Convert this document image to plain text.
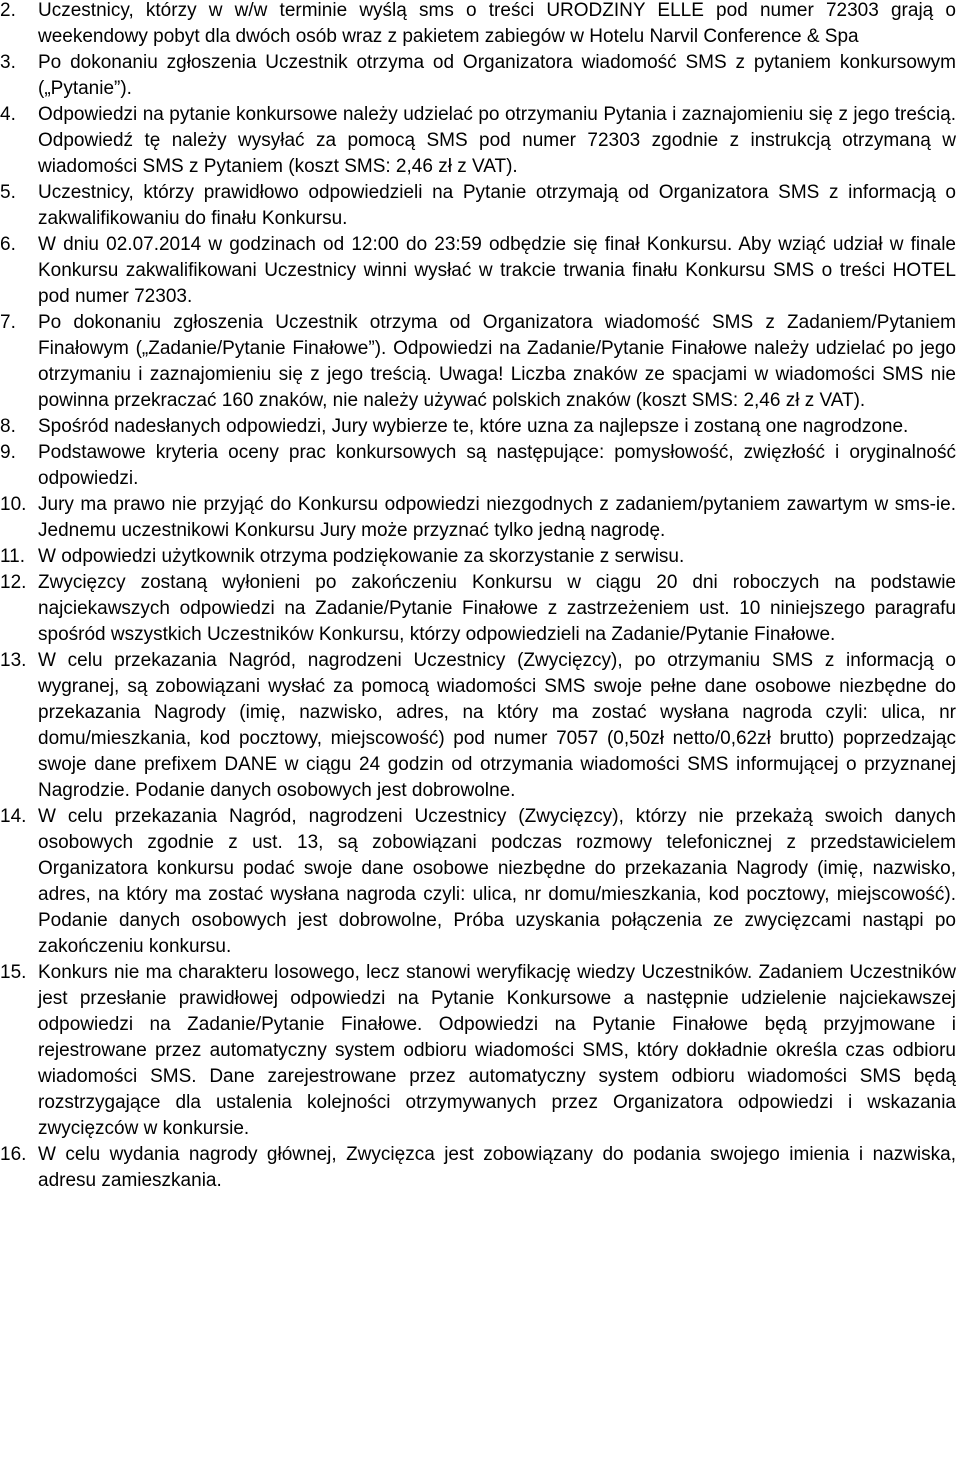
2.	Uczestnicy, którzy w w/w terminie wyślą sms o treści URODZINY ELLE pod numer 72303 grają o weekendowy pobyt dla dwóch osób wraz z pakietem zabiegów w Hotelu Narvil Conference & Spa
3.	Po dokonaniu zgłoszenia Uczestnik otrzyma od Organizatora wiadomość SMS z pytaniem konkursowym („Pytanie”).
4.	Odpowiedzi na pytanie konkursowe należy udzielać po otrzymaniu Pytania i zaznajomieniu się z jego treścią. Odpowiedź tę należy wysyłać za pomocą SMS pod numer 72303 zgodnie z instrukcją otrzymaną w wiadomości SMS z Pytaniem (koszt SMS: 2,46 zł z VAT).
5.	Uczestnicy, którzy prawidłowo odpowiedzieli na Pytanie otrzymają od Organizatora SMS z informacją o zakwalifikowaniu do finału Konkursu.
6.	W dniu 02.07.2014 w godzinach od 12:00 do 23:59 odbędzie się finał Konkursu. Aby wziąć udział w finale Konkursu zakwalifikowani Uczestnicy winni wysłać w trakcie trwania finału Konkursu SMS o treści HOTEL pod numer 72303.
7.	Po dokonaniu zgłoszenia Uczestnik otrzyma od Organizatora wiadomość SMS z Zadaniem/Pytaniem Finałowym („Zadanie/Pytanie Finałowe”). Odpowiedzi na Zadanie/Pytanie Finałowe należy udzielać po jego otrzymaniu i zaznajomieniu się z jego treścią. Uwaga! Liczba znaków ze spacjami w wiadomości SMS nie powinna przekraczać 160 znaków, nie należy używać polskich znaków (koszt SMS: 2,46 zł z VAT).
8.	Spośród nadesłanych odpowiedzi, Jury wybierze te, które uzna za najlepsze i zostaną one nagrodzone.
9.	Podstawowe kryteria oceny prac konkursowych są następujące: pomysłowość, zwięzłość i oryginalność odpowiedzi.
10. Jury ma prawo nie przyjąć do Konkursu odpowiedzi niezgodnych z zadaniem/pytaniem zawartym w sms-ie. Jednemu uczestnikowi Konkursu Jury może przyznać tylko jedną nagrodę.
11. W odpowiedzi użytkownik otrzyma podziękowanie za skorzystanie z serwisu.
12. Zwycięzcy zostaną wyłonieni po zakończeniu Konkursu w ciągu 20 dni roboczych na podstawie najciekawszych odpowiedzi na Zadanie/Pytanie Finałowe z zastrzeżeniem ust. 10 niniejszego paragrafu spośród wszystkich Uczestników Konkursu, którzy odpowiedzieli na Zadanie/Pytanie Finałowe.
13. W celu przekazania Nagród, nagrodzeni Uczestnicy (Zwycięzcy), po otrzymaniu SMS z informacją o wygranej, są zobowiązani wysłać za pomocą wiadomości SMS swoje pełne dane osobowe niezbędne do przekazania Nagrody (imię, nazwisko, adres, na który ma zostać wysłana nagroda czyli: ulica, nr domu/mieszkania, kod pocztowy, miejscowość) pod numer 7057 (0,50zł netto/0,62zł brutto) poprzedzając swoje dane prefixem DANE w ciągu 24 godzin od otrzymania wiadomości SMS informującej o przyznanej Nagrodzie. Podanie danych osobowych jest dobrowolne.
14. W celu przekazania Nagród, nagrodzeni Uczestnicy (Zwycięzcy), którzy nie przekażą swoich danych osobowych zgodnie z ust. 13, są zobowiązani podczas rozmowy telefonicznej z przedstawicielem Organizatora konkursu podać swoje dane osobowe niezbędne do przekazania Nagrody (imię, nazwisko, adres, na który ma zostać wysłana nagroda czyli: ulica, nr domu/mieszkania, kod pocztowy, miejscowość). Podanie danych osobowych jest dobrowolne, Próba uzyskania połączenia ze zwycięzcami nastąpi po zakończeniu konkursu.
15. Konkurs nie ma charakteru losowego, lecz stanowi weryfikację wiedzy Uczestników. Zadaniem Uczestników jest przesłanie prawidłowej odpowiedzi na Pytanie Konkursowe a następnie udzielenie najciekawszej odpowiedzi na Zadanie/Pytanie Finałowe. Odpowiedzi na Pytanie Finałowe będą przyjmowane i rejestrowane przez automatyczny system odbioru wiadomości SMS, który dokładnie określa czas odbioru wiadomości SMS. Dane zarejestrowane przez automatyczny system odbioru wiadomości SMS będą rozstrzygające dla ustalenia kolejności otrzymywanych przez Organizatora odpowiedzi i wskazania zwycięzców w konkursie.
16. W celu wydania nagrody głównej, Zwycięzca jest zobowiązany do podania swojego imienia i nazwiska, adresu zamieszkania.
